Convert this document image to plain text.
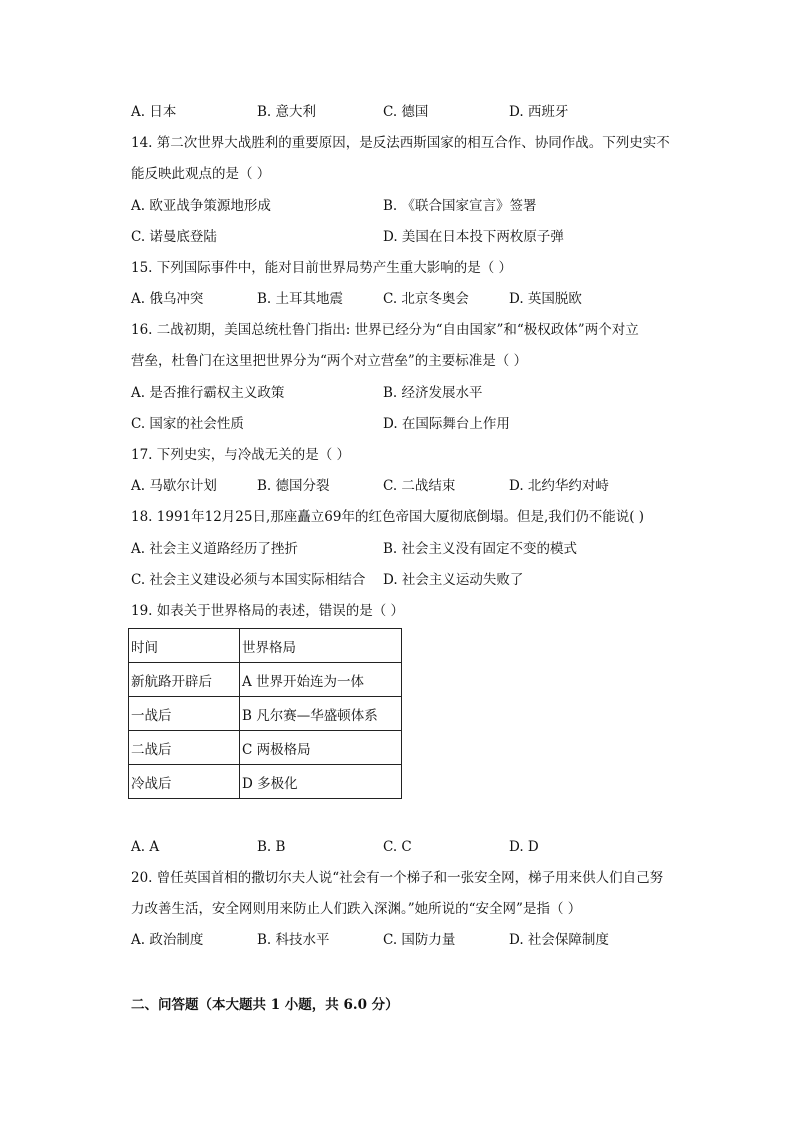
A. 日本	B. 意大利	C. 德国	D. 西班牙
14. 第二次世界大战胜利的重要原因，是反法西斯国家的相互合作、协同作战。下列史实不
能反映此观点的是（ ）
A. 欧亚战争策源地形成	B. 《联合国家宣言》签署
C. 诺曼底登陆	D. 美国在日本投下两枚原子弹
15. 下列国际事件中，能对目前世界局势产生重大影响的是（ ）
A. 俄乌冲突	B. 土耳其地震	C. 北京冬奥会	D. 英国脱欧
16. 二战初期，美国总统杜鲁门指出: 世界已经分为“自由国家”和“极权政体”两个对立
营垒，杜鲁门在这里把世界分为“两个对立营垒”的主要标准是（ ）
A. 是否推行霸权主义政策	B. 经济发展水平
C. 国家的社会性质	D. 在国际舞台上作用
17. 下列史实，与冷战无关的是（ ）
A. 马歇尔计划	B. 德国分裂	C. 二战结束	D. 北约华约对峙
18. 1991年12月25日,那座矗立69年的红色帝国大厦彻底倒塌。但是,我们仍不能说( )
A. 社会主义道路经历了挫折	B. 社会主义没有固定不变的模式
C. 社会主义建设必须与本国实际相结合 D. 社会主义运动失败了
19. 如表关于世界格局的表述，错误的是（ ）
时间	世界格局
新航路开辟后	A 世界开始连为一体
一战后	B 凡尔赛—华盛顿体系
二战后	C 两极格局
冷战后	D 多极化
A. A	B. B	C. C	D. D
20. 曾任英国首相的撒切尔夫人说“社会有一个梯子和一张安全网，梯子用来供人们自己努
力改善生活，安全网则用来防止人们跌入深渊。”她所说的“安全网”是指（ ）
A. 政治制度	B. 科技水平	C. 国防力量	D. 社会保障制度
二、问答题（本大题共 1 小题，共 6.0 分）
